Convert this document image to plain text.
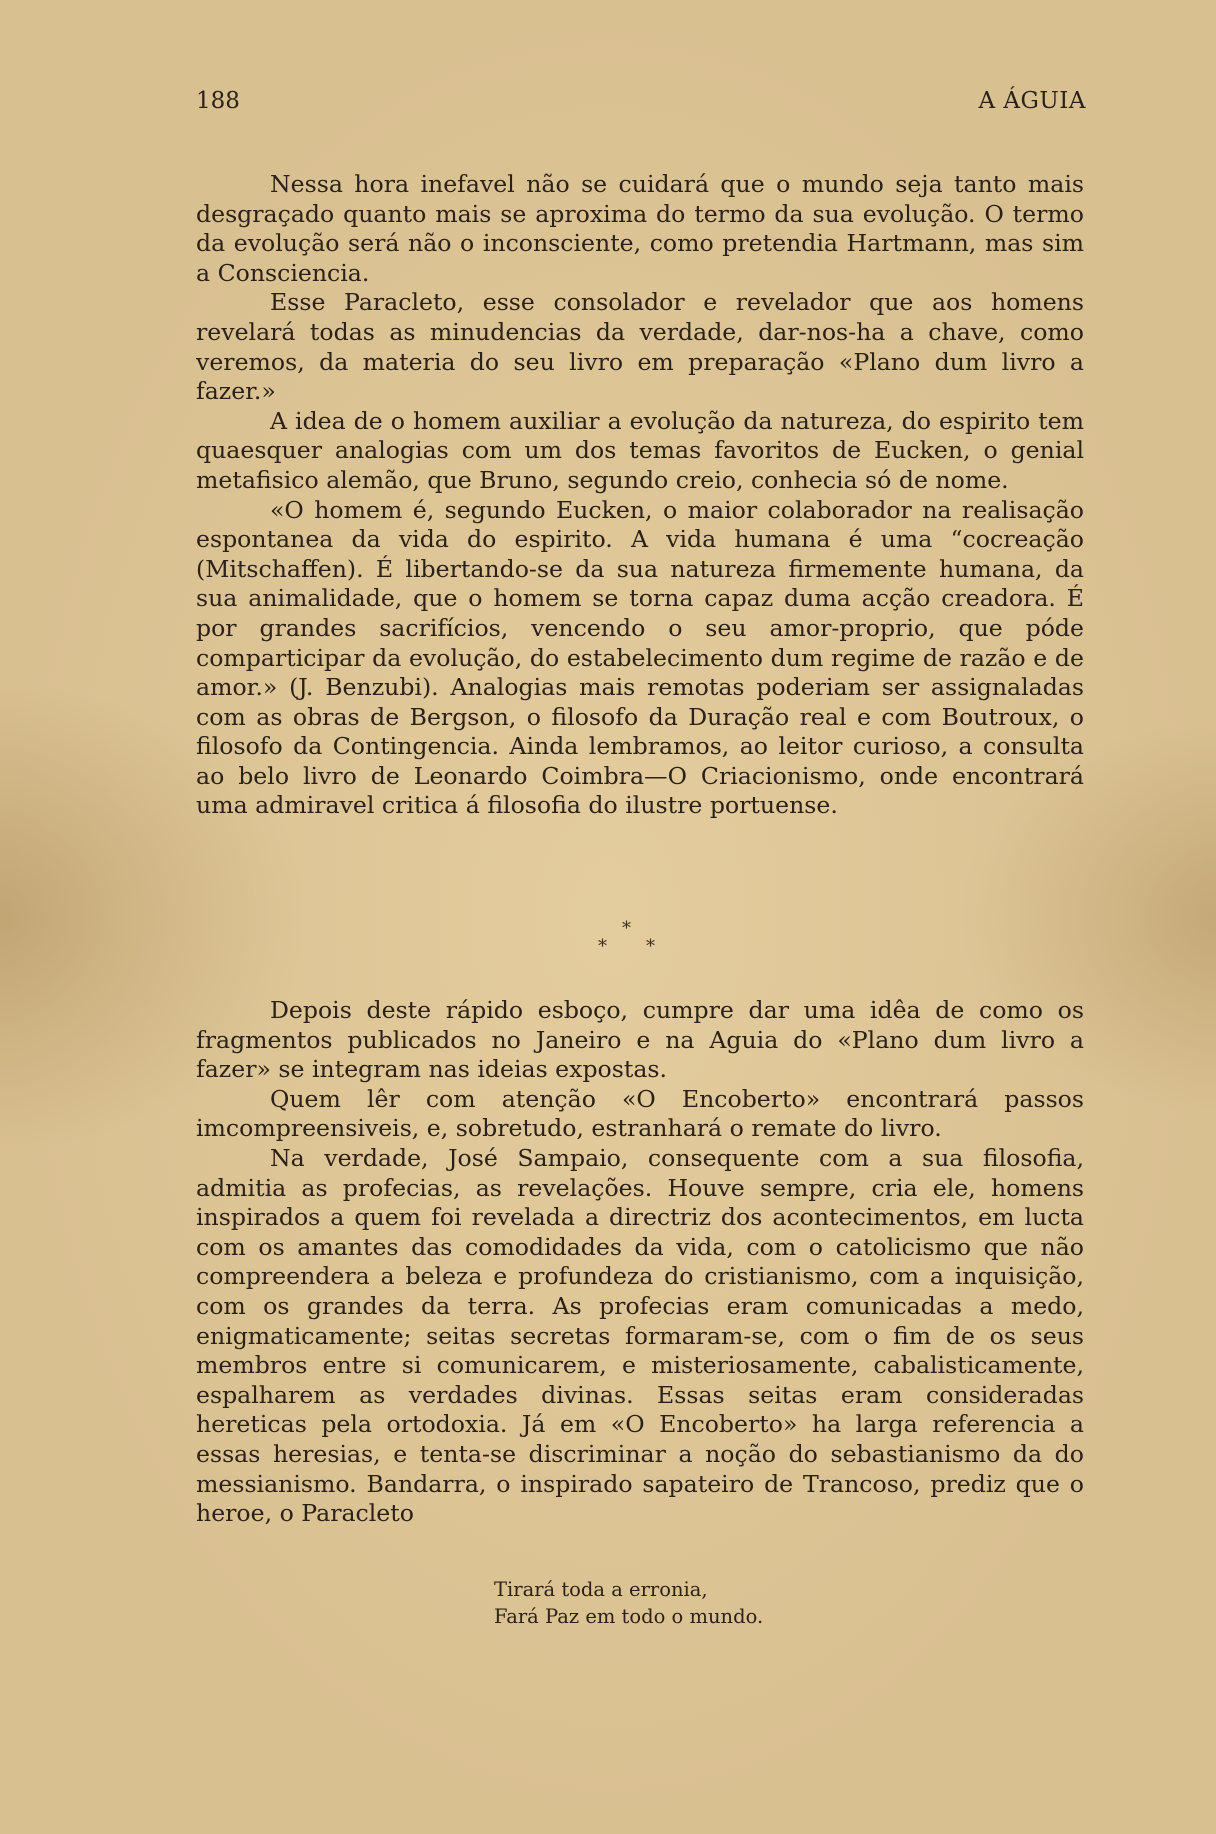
188	A ÁGUIA

Nessa hora inefavel não se cuidará que o mundo seja tanto mais desgraçado quanto mais se aproxima do termo da sua evolução. O termo da evolução será não o inconsciente, como pretendia Hartmann, mas sim a Consciencia.

Esse Paracleto, esse consolador e revelador que aos homens revelará todas as minudencias da verdade, dar-nos-ha a chave, como veremos, da materia do seu livro em preparação «Plano dum livro a fazer.»

A idea de o homem auxiliar a evolução da natureza, do espirito tem quaesquer analogias com um dos temas favoritos de Eucken, o genial metafisico alemão, que Bruno, segundo creio, conhecia só de nome.

«O homem é, segundo Eucken, o maior colaborador na realisação espontanea da vida do espirito. A vida humana é uma “cocreação (Mitschaffen). É libertando-se da sua natureza firmemente humana, da sua animalidade, que o homem se torna capaz duma acção creadora. É por grandes sacrifícios, vencendo o seu amor-proprio, que póde comparticipar da evolução, do estabelecimento dum regime de razão e de amor.» (J. Benzubi). Analogias mais remotas poderiam ser assignaladas com as obras de Bergson, o filosofo da Duração real e com Boutroux, o filosofo da Contingencia. Ainda lembramos, ao leitor curioso, a consulta ao belo livro de Leonardo Coimbra—O Criacionismo, onde encontrará uma admiravel critica á filosofia do ilustre portuense.

*
* *

Depois deste rápido esboço, cumpre dar uma idêa de como os fragmentos publicados no Janeiro e na Aguia do «Plano dum livro a fazer» se integram nas ideias expostas.

Quem lêr com atenção «O Encoberto» encontrará passos imcompreensiveis, e, sobretudo, estranhará o remate do livro.

Na verdade, José Sampaio, consequente com a sua filosofia, admitia as profecias, as revelações. Houve sempre, cria ele, homens inspirados a quem foi revelada a directriz dos acontecimentos, em lucta com os amantes das comodidades da vida, com o catolicismo que não compreendera a beleza e profundeza do cristianismo, com a inquisição, com os grandes da terra. As profecias eram comunicadas a medo, enigmaticamente; seitas secretas formaram-se, com o fim de os seus membros entre si comunicarem, e misteriosamente, cabalisticamente, espalharem as verdades divinas. Essas seitas eram consideradas hereticas pela ortodoxia. Já em «O Encoberto» ha larga referencia a essas heresias, e tenta-se discriminar a noção do sebastianismo da do messianismo. Bandarra, o inspirado sapateiro de Trancoso, prediz que o heroe, o Paracleto

Tirará toda a erronia,
Fará Paz em todo o mundo.
